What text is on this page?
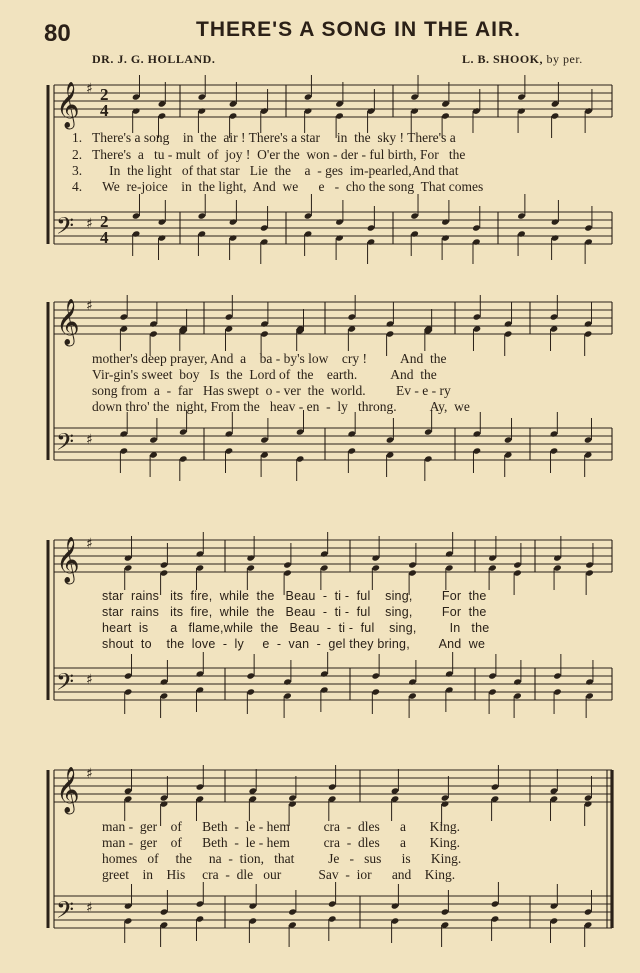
80	THERE'S A SONG IN THE AIR.
DR. J. G. HOLLAND.	L. B. SHOOK, by per.
𝄞
𝄢
♯
♯
2
4
2
4
𝄞
𝄢
♯
♯
𝄞
𝄢
♯
♯
𝄞
𝄢
♯
♯
1.   There's a song    in  the  air ! There's a star     in  the  sky ! There's a
2.   There's  a   tu - mult  of  joy !  O'er the  won - der - ful birth, For   the
3.        In  the light   of that star   Lie  the    a  - ges  im-pearled,And that
4.      We  re-joice    in  the light,  And  we      e   -  cho the song  That comes
mother's deep prayer, And  a    ba - by's low    cry !          And  the
Vir-gin's sweet  boy   Is  the  Lord of  the    earth.          And  the
song from  a  -  far   Has swept  o - ver  the  world.         Ev - e - ry
down thro' the  night, From the   heav - en  -  ly   throng.          Ay,  we
star  rains   its  fire,  while  the   Beau  -  ti -  ful    sing,        For  the
star  rains   its  fire,  while  the   Beau  -  ti -  ful    sing,        For  the
heart  is      a   flame,while  the   Beau  -  ti -  ful    sing,         In   the
shout  to    the  love  -  ly     e  -  van  -  gel they bring,        And  we
man -  ger    of      Beth  -  le - hem          cra  -  dles      a       King.
man -  ger    of      Beth  -  le - hem          cra  -  dles      a       King.
homes   of     the     na  -  tion,   that          Je   -   sus      is      King.
greet    in    His     cra  -  dle   our           Sav  -  ior      and    King.
